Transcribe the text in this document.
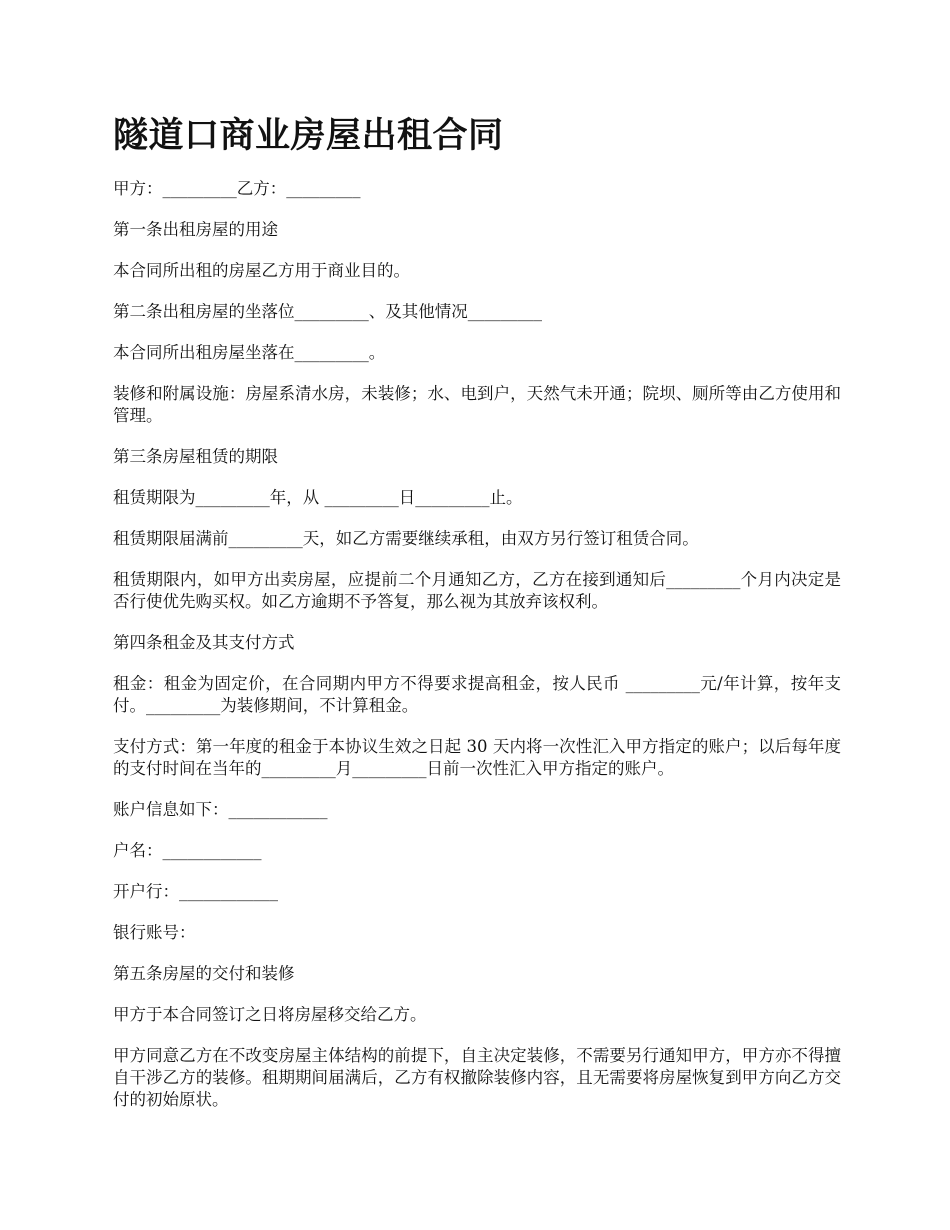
隧道口商业房屋出租合同

甲方：_________乙方：_________

第一条出租房屋的用途

本合同所出租的房屋乙方用于商业目的。

第二条出租房屋的坐落位_________、及其他情况_________

本合同所出租房屋坐落在_________。

装修和附属设施：房屋系清水房，未装修；水、电到户，天然气未开通；院坝、厕所等由乙方使用和管理。

第三条房屋租赁的期限

租赁期限为_________年，从 _________日_________止。

租赁期限届满前_________天，如乙方需要继续承租，由双方另行签订租赁合同。

租赁期限内，如甲方出卖房屋，应提前二个月通知乙方，乙方在接到通知后_________个月内决定是否行使优先购买权。如乙方逾期不予答复，那么视为其放弃该权利。

第四条租金及其支付方式

租金：租金为固定价，在合同期内甲方不得要求提高租金，按人民币 _________元/年计算，按年支付。_________为装修期间，不计算租金。

支付方式：第一年度的租金于本协议生效之日起 30 天内将一次性汇入甲方指定的账户；以后每年度的支付时间在当年的_________月_________日前一次性汇入甲方指定的账户。

账户信息如下：____________

户名：____________

开户行：____________

银行账号：

第五条房屋的交付和装修

甲方于本合同签订之日将房屋移交给乙方。

甲方同意乙方在不改变房屋主体结构的前提下，自主决定装修，不需要另行通知甲方，甲方亦不得擅自干涉乙方的装修。租期期间届满后，乙方有权撤除装修内容，且无需要将房屋恢复到甲方向乙方交付的初始原状。
